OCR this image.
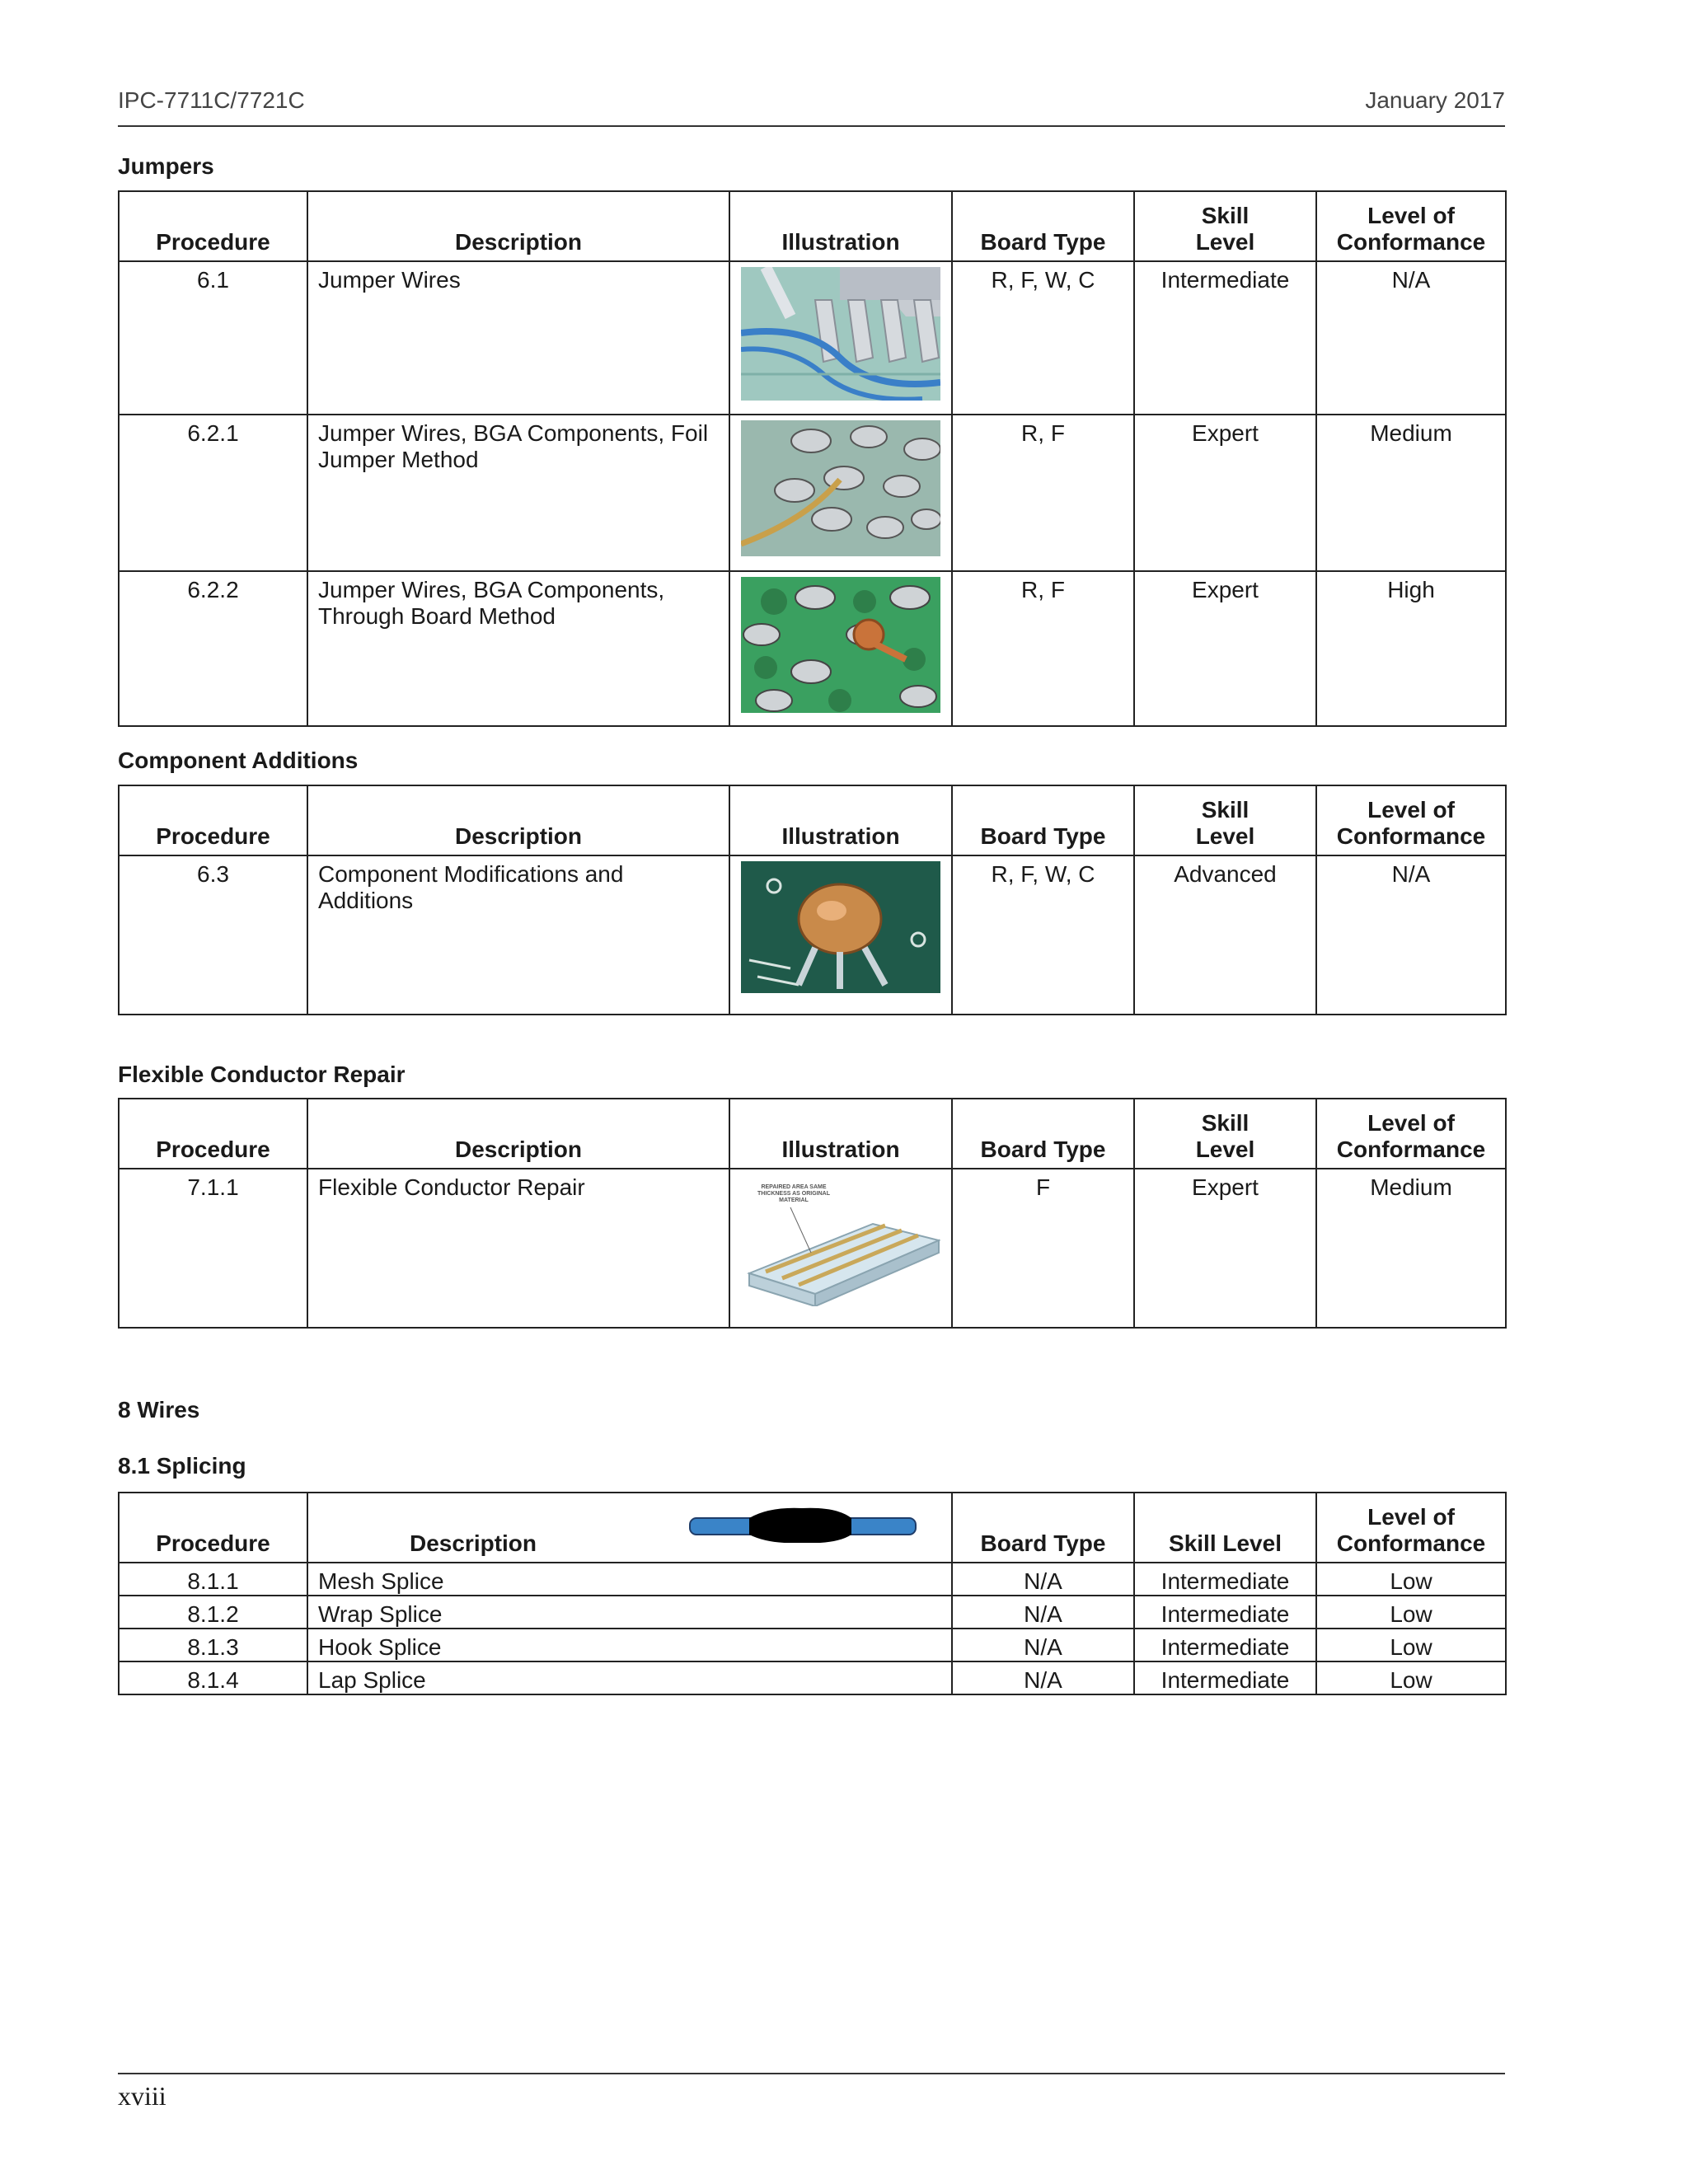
IPC-7711C/7721C	January 2017
Jumpers
Procedure	Description	Illustration	Board Type	Skill Level	Level of Conformance
6.1	Jumper Wires		R, F, W, C	Intermediate	N/A
6.2.1	Jumper Wires, BGA Components, Foil Jumper Method		R, F	Expert	Medium
6.2.2	Jumper Wires, BGA Components, Through Board Method		R, F	Expert	High
Component Additions
Procedure	Description	Illustration	Board Type	Skill Level	Level of Conformance
6.3	Component Modifications and Additions		R, F, W, C	Advanced	N/A
Flexible Conductor Repair
Procedure	Description	Illustration	Board Type	Skill Level	Level of Conformance
7.1.1	Flexible Conductor Repair	REPAIRED AREA SAME THICKNESS AS ORIGINAL MATERIAL	F	Expert	Medium
8 Wires
8.1 Splicing
Procedure	Description	Board Type	Skill Level	Level of Conformance
8.1.1	Mesh Splice	N/A	Intermediate	Low
8.1.2	Wrap Splice	N/A	Intermediate	Low
8.1.3	Hook Splice	N/A	Intermediate	Low
8.1.4	Lap Splice	N/A	Intermediate	Low
xviii
